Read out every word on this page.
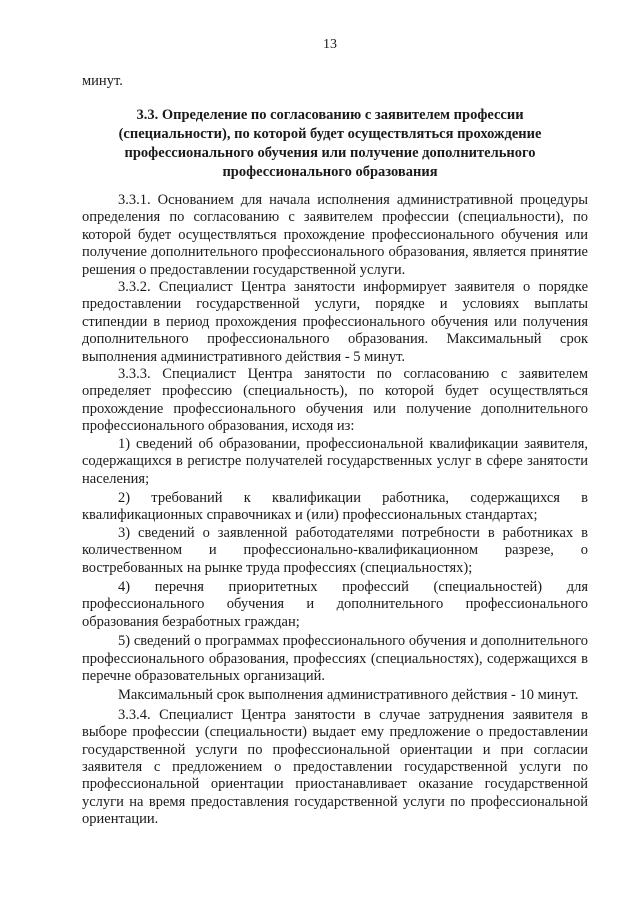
13
минут.
3.3. Определение по согласованию с заявителем профессии (специальности), по которой будет осуществляться прохождение профессионального обучения или получение дополнительного профессионального образования

3.3.1. Основанием для начала исполнения административной процедуры определения по согласованию с заявителем профессии (специальности), по которой будет осуществляться прохождение профессионального обучения или получение дополнительного профессионального образования, является принятие решения о предоставлении государственной услуги.

3.3.2. Специалист Центра занятости информирует заявителя о порядке предоставлении государственной услуги, порядке и условиях выплаты стипендии в период прохождения профессионального обучения или получения дополнительного профессионального образования. Максимальный срок выполнения административного действия - 5 минут.

3.3.3. Специалист Центра занятости по согласованию с заявителем определяет профессию (специальность), по которой будет осуществляться прохождение профессионального обучения или получение дополнительного профессионального образования, исходя из:

1) сведений об образовании, профессиональной квалификации заявителя, содержащихся в регистре получателей государственных услуг в сфере занятости населения;

2) требований к квалификации работника, содержащихся в квалификационных справочниках и (или) профессиональных стандартах;

3) сведений о заявленной работодателями потребности в работниках в количественном и профессионально-квалификационном разрезе, о востребованных на рынке труда профессиях (специальностях);

4) перечня приоритетных профессий (специальностей) для профессионального обучения и дополнительного профессионального образования безработных граждан;

5) сведений о программах профессионального обучения и дополнительного профессионального образования, профессиях (специальностях), содержащихся в перечне образовательных организаций.

Максимальный срок выполнения административного действия - 10 минут.

3.3.4. Специалист Центра занятости в случае затруднения заявителя в выборе профессии (специальности) выдает ему предложение о предоставлении государственной услуги по профессиональной ориентации и при согласии заявителя с предложением о предоставлении государственной услуги по профессиональной ориентации приостанавливает оказание государственной услуги на время предоставления государственной услуги по профессиональной ориентации.
